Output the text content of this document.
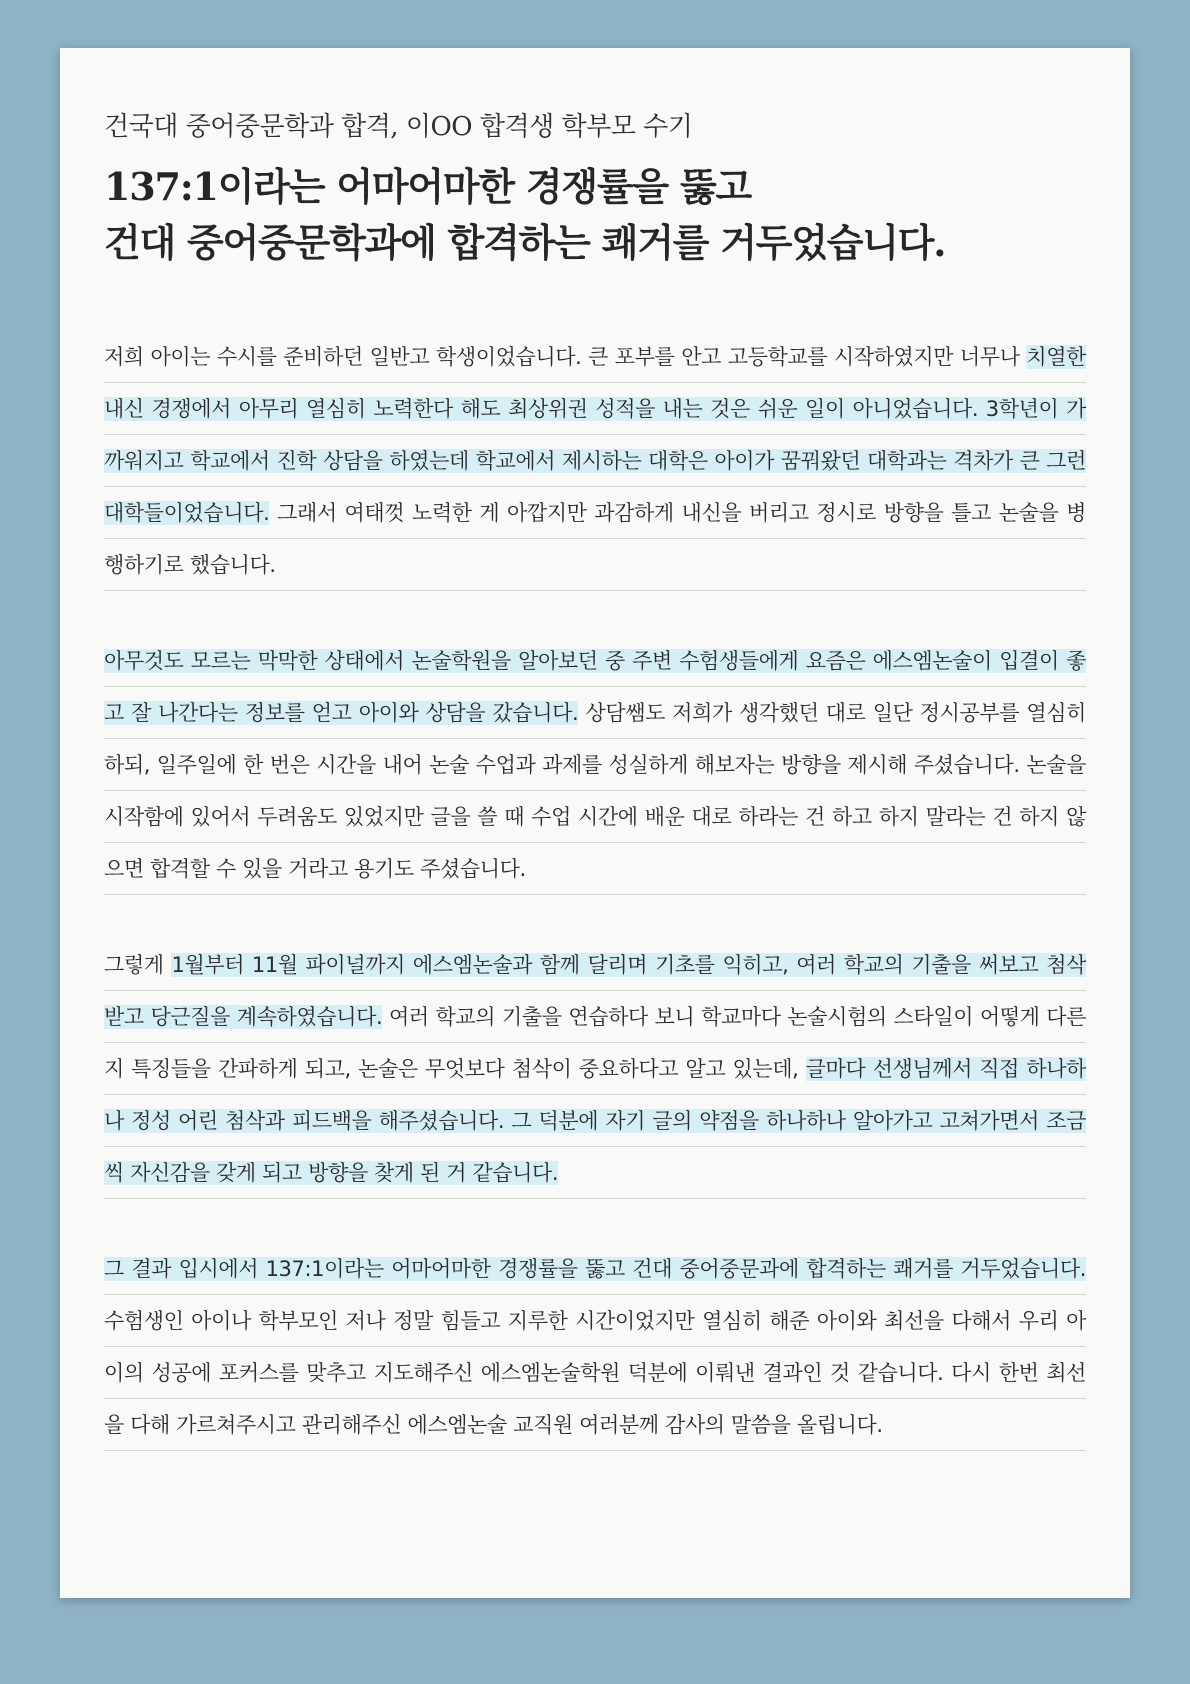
건국대 중어중문학과 합격, 이OO 합격생 학부모 수기
137:1이라는 어마어마한 경쟁률을 뚫고
건대 중어중문학과에 합격하는 쾌거를 거두었습니다.

저희 아이는 수시를 준비하던 일반고 학생이었습니다. 큰 포부를 안고 고등학교를 시작하였지만 너무나 치열한 내신 경쟁에서 아무리 열심히 노력한다 해도 최상위권 성적을 내는 것은 쉬운 일이 아니었습니다. 3학년이 가까워지고 학교에서 진학 상담을 하였는데 학교에서 제시하는 대학은 아이가 꿈꿔왔던 대학과는 격차가 큰 그런 대학들이었습니다. 그래서 여태껏 노력한 게 아깝지만 과감하게 내신을 버리고 정시로 방향을 틀고 논술을 병행하기로 했습니다.

아무것도 모르는 막막한 상태에서 논술학원을 알아보던 중 주변 수험생들에게 요즘은 에스엠논술이 입결이 좋고 잘 나간다는 정보를 얻고 아이와 상담을 갔습니다. 상담쌤도 저희가 생각했던 대로 일단 정시공부를 열심히 하되, 일주일에 한 번은 시간을 내어 논술 수업과 과제를 성실하게 해보자는 방향을 제시해 주셨습니다. 논술을 시작함에 있어서 두려움도 있었지만 글을 쓸 때 수업 시간에 배운 대로 하라는 건 하고 하지 말라는 건 하지 않으면 합격할 수 있을 거라고 용기도 주셨습니다.

그렇게 1월부터 11월 파이널까지 에스엠논술과 함께 달리며 기초를 익히고, 여러 학교의 기출을 써보고 첨삭 받고 당근질을 계속하였습니다. 여러 학교의 기출을 연습하다 보니 학교마다 논술시험의 스타일이 어떻게 다른지 특징들을 간파하게 되고, 논술은 무엇보다 첨삭이 중요하다고 알고 있는데, 글마다 선생님께서 직접 하나하나 정성 어린 첨삭과 피드백을 해주셨습니다. 그 덕분에 자기 글의 약점을 하나하나 알아가고 고쳐가면서 조금씩 자신감을 갖게 되고 방향을 찾게 된 거 같습니다.

그 결과 입시에서 137:1이라는 어마어마한 경쟁률을 뚫고 건대 중어중문과에 합격하는 쾌거를 거두었습니다. 수험생인 아이나 학부모인 저나 정말 힘들고 지루한 시간이었지만 열심히 해준 아이와 최선을 다해서 우리 아이의 성공에 포커스를 맞추고 지도해주신 에스엠논술학원 덕분에 이뤄낸 결과인 것 같습니다. 다시 한번 최선을 다해 가르쳐주시고 관리해주신 에스엠논술 교직원 여러분께 감사의 말씀을 올립니다.
